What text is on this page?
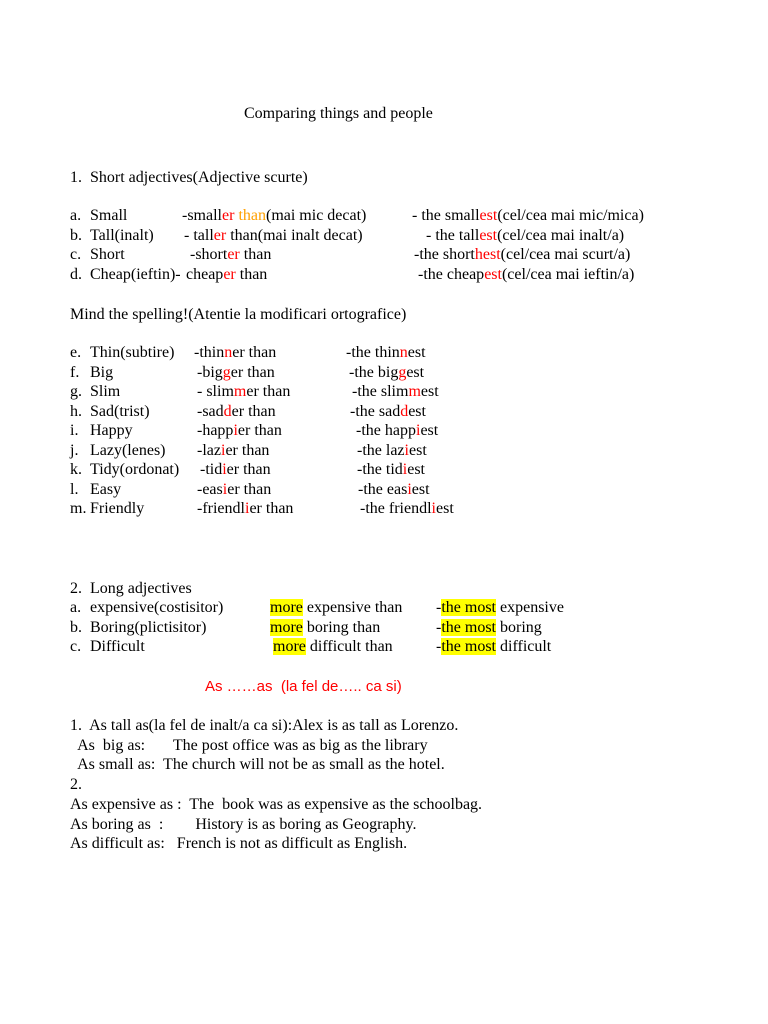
Comparing things and people
1.  Short adjectives(Adjective scurte)
a. Small	-smaller than(mai mic decat)	- the smallest(cel/cea mai mic/mica)
b. Tall(inalt) - taller than(mai inalt decat)	- the tallest(cel/cea mai inalt/a)
c. Short	-shorter than	-the shorthest(cel/cea mai scurt/a)
d. Cheap(ieftin)- cheaper than	-the cheapest(cel/cea mai ieftin/a)
Mind the spelling!(Atentie la modificari ortografice)
e. Thin(subtire) -thinner than	-the thinnest
f. Big	-bigger than	-the biggest
g. Slim	- slimmer than	-the slimmest
h. Sad(trist)	-sadder than	-the saddest
i. Happy	-happier than	-the happiest
j. Lazy(lenes) -lazier than	-the laziest
k. Tidy(ordonat) -tidier than	-the tidiest
l. Easy	-easier than	-the easiest
m. Friendly	-friendlier than	-the friendliest
2.  Long adjectives
a. expensive(costisitor)	more expensive than -the most expensive
b. Boring(plictisitor)	more boring than	-the most boring
c. Difficult	more difficult than	-the most difficult
As ……as  (la fel de….. ca si)
1.  As tall as(la fel de inalt/a ca si):Alex is as tall as Lorenzo.
As  big as:       The post office was as big as the library
As small as:  The church will not be as small as the hotel.
2.
As expensive as :  The  book was as expensive as the schoolbag.
As boring as  :        History is as boring as Geography.
As difficult as:   French is not as difficult as English.
